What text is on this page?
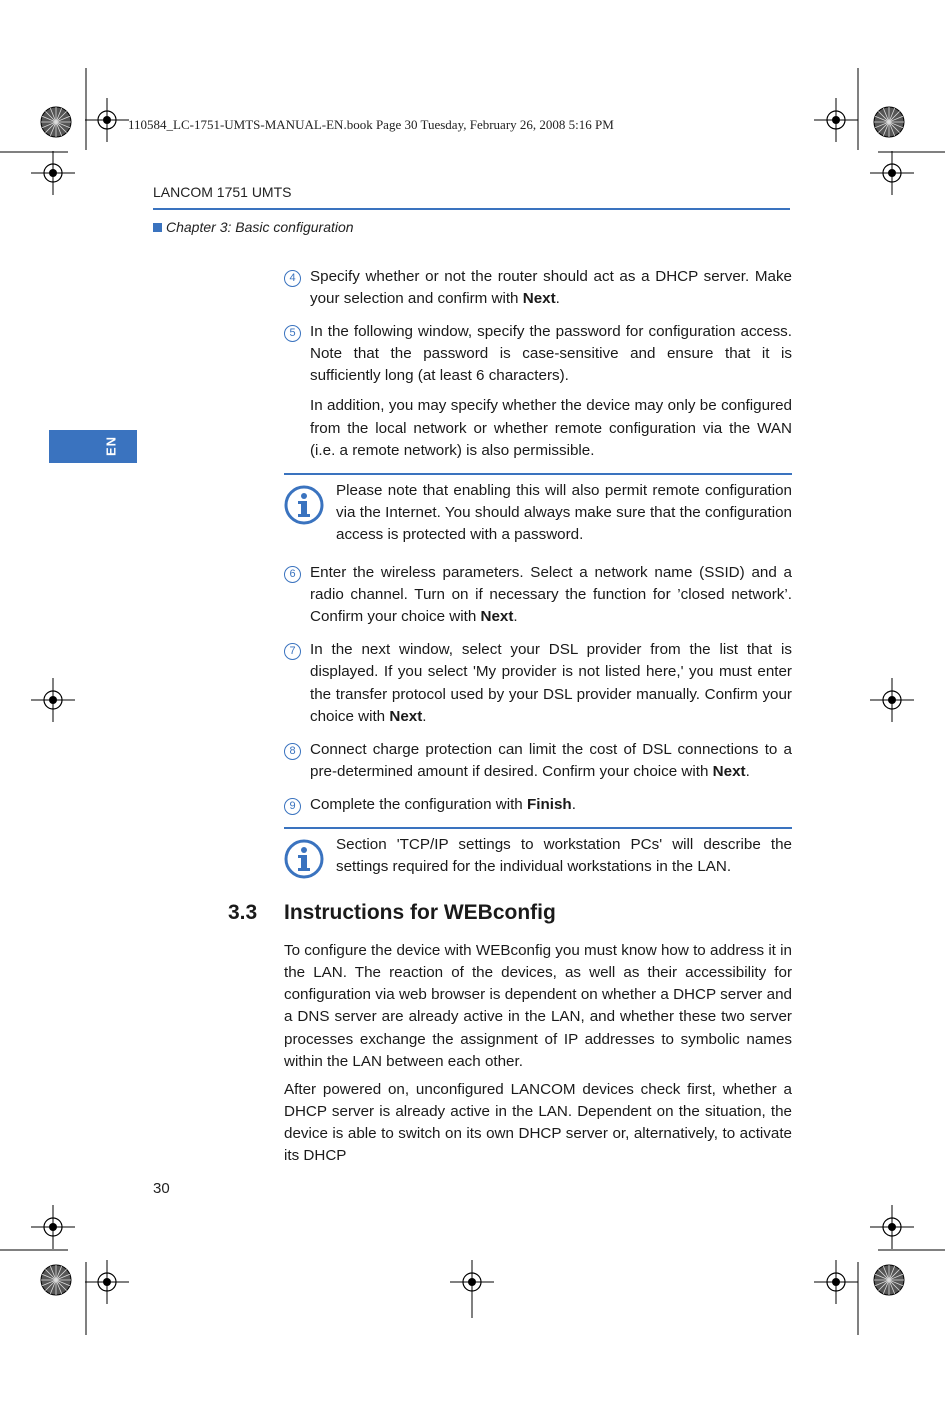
110584_LC-1751-UMTS-MANUAL-EN.book Page 30 Tuesday, February 26, 2008 5:16 PM
LANCOM 1751 UMTS
Chapter 3: Basic configuration
EN
4 Specify whether or not the router should act as a DHCP server. Make your selection and confirm with Next.
5 In the following window, specify the password for configuration access. Note that the password is case-sensitive and ensure that it is sufficiently long (at least 6 characters).
In addition, you may specify whether the device may only be configured from the local network or whether remote configuration via the WAN (i.e. a remote network) is also permissible.
Please note that enabling this will also permit remote configuration via the Internet. You should always make sure that the configuration access is protected with a password.
6 Enter the wireless parameters. Select a network name (SSID) and a radio channel. Turn on if necessary the function for ’closed network’. Confirm your choice with Next.
7 In the next window, select your DSL provider from the list that is displayed. If you select 'My provider is not listed here,' you must enter the transfer protocol used by your DSL provider manually. Confirm your choice with Next.
8 Connect charge protection can limit the cost of DSL connections to a pre-determined amount if desired. Confirm your choice with Next.
9 Complete the configuration with Finish.
Section 'TCP/IP settings to workstation PCs' will describe the settings required for the individual workstations in the LAN.
3.3 Instructions for WEBconfig
To configure the device with WEBconfig you must know how to address it in the LAN. The reaction of the devices, as well as their accessibility for configuration via web browser is dependent on whether a DHCP server and a DNS server are already active in the LAN, and whether these two server processes exchange the assignment of IP addresses to symbolic names within the LAN between each other.
After powered on, unconfigured LANCOM devices check first, whether a DHCP server is already active in the LAN. Dependent on the situation, the device is able to switch on its own DHCP server or, alternatively, to activate its DHCP
30
